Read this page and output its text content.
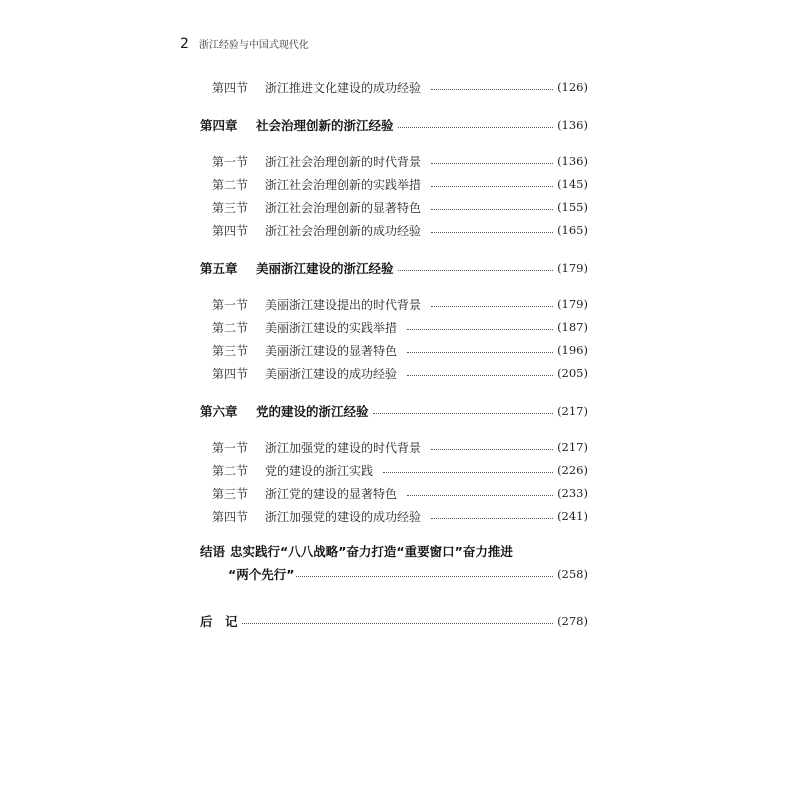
2 浙江经验与中国式现代化
第四节	浙江推进文化建设的成功经验	(126)
第四章	社会治理创新的浙江经验	(136)
第一节	浙江社会治理创新的时代背景	(136)
第二节	浙江社会治理创新的实践举措	(145)
第三节	浙江社会治理创新的显著特色	(155)
第四节	浙江社会治理创新的成功经验	(165)
第五章	美丽浙江建设的浙江经验	(179)
第一节	美丽浙江建设提出的时代背景	(179)
第二节	美丽浙江建设的实践举措	(187)
第三节	美丽浙江建设的显著特色	(196)
第四节	美丽浙江建设的成功经验	(205)
第六章	党的建设的浙江经验	(217)
第一节	浙江加强党的建设的时代背景	(217)
第二节	党的建设的浙江实践	(226)
第三节	浙江党的建设的显著特色	(233)
第四节	浙江加强党的建设的成功经验	(241)
结语 忠实践行“八八战略”奋力打造“重要窗口”奋力推进
“两个先行”	(258)
后　记	(278)
